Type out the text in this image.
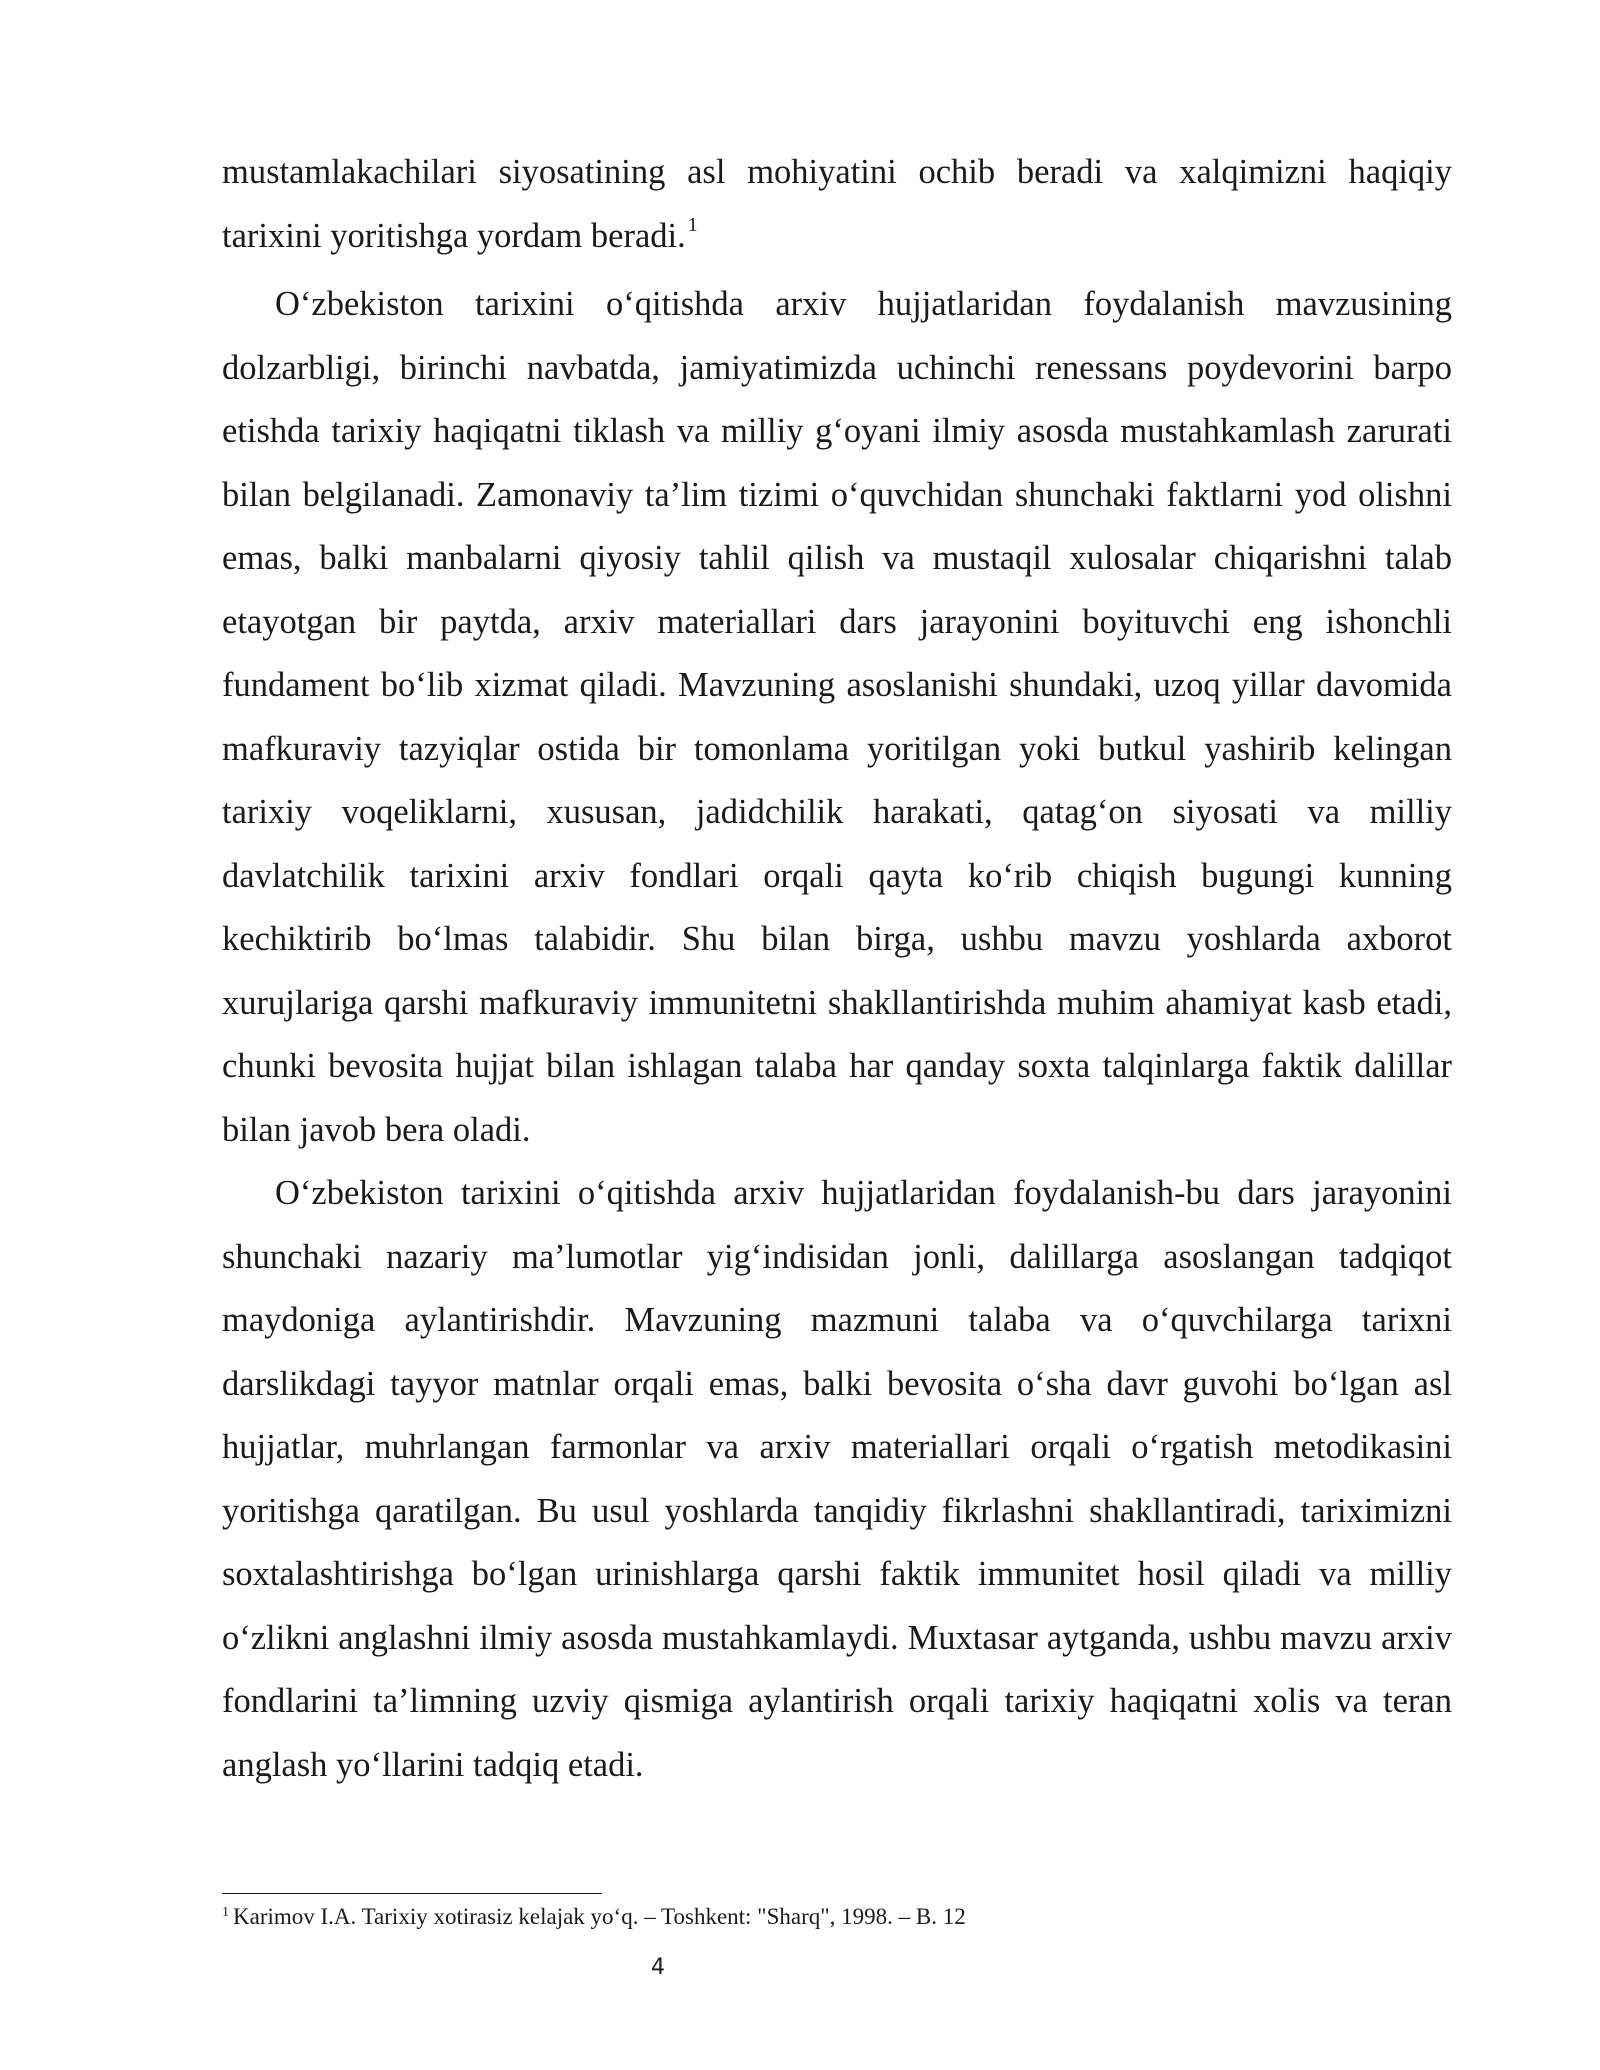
mustamlakachilari siyosatining asl mohiyatini ochib beradi va xalqimizni haqiqiy tarixini yoritishga yordam beradi. $^1$

O‘zbekiston tarixini o‘qitishda arxiv hujjatlaridan foydalanish mavzusining dolzarbligi, birinchi navbatda, jamiyatimizda uchinchi renessans poydevorini barpo etishda tarixiy haqiqatni tiklash va milliy g‘oyani ilmiy asosda mustahkamlash zarurati bilan belgilanadi. Zamonaviy ta’lim tizimi o‘quvchidan shunchaki faktlarni yod olishni emas, balki manbalarni qiyosiy tahlil qilish va mustaqil xulosalar chiqarishni talab etayotgan bir paytda, arxiv materiallari dars jarayonini boyituvchi eng ishonchli fundament bo‘lib xizmat qiladi. Mavzuning asoslanishi shundaki, uzoq yillar davomida mafkuraviy tazyiqlar ostida bir tomonlama yoritilgan yoki butkul yashirib kelingan tarixiy voqeliklarni, xususan, jadidchilik harakati, qatag‘on siyosati va milliy davlatchilik tarixini arxiv fondlari orqali qayta ko‘rib chiqish bugungi kunning kechiktirib bo‘lmas talabidir. Shu bilan birga, ushbu mavzu yoshlarda axborot xurujlariga qarshi mafkuraviy immunitetni shakllantirishda muhim ahamiyat kasb etadi, chunki bevosita hujjat bilan ishlagan talaba har qanday soxta talqinlarga faktik dalillar bilan javob bera oladi.

O‘zbekiston tarixini o‘qitishda arxiv hujjatlaridan foydalanish-bu dars jarayonini shunchaki nazariy ma’lumotlar yig‘indisidan jonli, dalillarga asoslangan tadqiqot maydoniga aylantirishdir. Mavzuning mazmuni talaba va o‘quvchilarga tarixni darslikdagi tayyor matnlar orqali emas, balki bevosita o‘sha davr guvohi bo‘lgan asl hujjatlar, muhrlangan farmonlar va arxiv materiallari orqali o‘rgatish metodikasini yoritishga qaratilgan. Bu usul yoshlarda tanqidiy fikrlashni shakllantiradi, tariximizni soxtalashtirishga bo‘lgan urinishlarga qarshi faktik immunitet hosil qiladi va milliy o‘zlikni anglashni ilmiy asosda mustahkamlaydi. Muxtasar aytganda, ushbu mavzu arxiv fondlarini ta’limning uzviy qismiga aylantirish orqali tarixiy haqiqatni xolis va teran anglash yo‘llarini tadqiq etadi.

$^1$ Karimov I.A. Tarixiy xotirasiz kelajak yo‘q. – Toshkent: "Sharq", 1998. – B. 12
4
